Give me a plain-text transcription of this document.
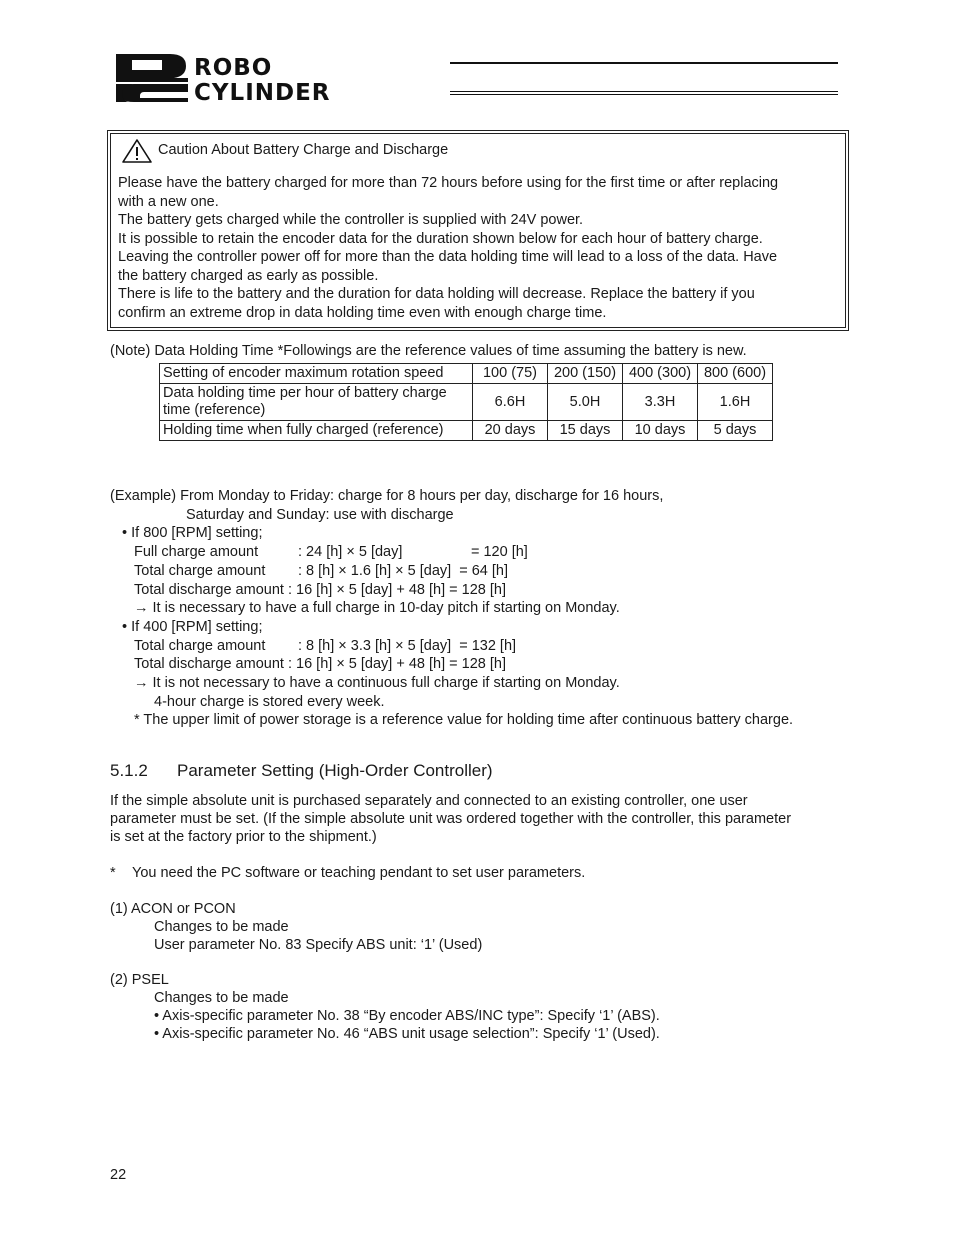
ROBO
CYLINDER
Caution About Battery Charge and Discharge

Please have the battery charged for more than 72 hours before using for the first time or after replacing

with a new one.

The battery gets charged while the controller is supplied with 24V power.

It is possible to retain the encoder data for the duration shown below for each hour of battery charge.

Leaving the controller power off for more than the data holding time will lead to a loss of the data. Have

the battery charged as early as possible.

There is life to the battery and the duration for data holding will decrease. Replace the battery if you

confirm an extreme drop in data holding time even with enough charge time.

(Note) Data Holding Time *Followings are the reference values of time assuming the battery is new.
Setting of encoder maximum rotation speed	100 (75)	200 (150)	400 (300)	800 (600)
Data holding time per hour of battery charge
time (reference)	6.6H	5.0H	3.3H	1.6H
Holding time when fully charged (reference)	20 days	15 days	10 days	5 days
(Example) From Monday to Friday: charge for 8 hours per day, discharge for 16 hours,
Saturday and Sunday: use with discharge
• If 800 [RPM] setting;
Full charge amount	: 24 [h] × 5 [day]	= 120 [h]
Total charge amount : 8 [h] × 1.6 [h] × 5 [day]  = 64 [h]
Total discharge amount : 16 [h] × 5 [day] + 48 [h] = 128 [h]
→ It is necessary to have a full charge in 10-day pitch if starting on Monday.
• If 400 [RPM] setting;
Total charge amount : 8 [h] × 3.3 [h] × 5 [day]  = 132 [h]
Total discharge amount : 16 [h] × 5 [day] + 48 [h] = 128 [h]
→ It is not necessary to have a continuous full charge if starting on Monday.
4-hour charge is stored every week.
* The upper limit of power storage is a reference value for holding time after continuous battery charge.
5.1.2 Parameter Setting (High-Order Controller)
If the simple absolute unit is purchased separately and connected to an existing controller, one user
parameter must be set. (If the simple absolute unit was ordered together with the controller, this parameter
is set at the factory prior to the shipment.)
* You need the PC software or teaching pendant to set user parameters.
(1) ACON or PCON
Changes to be made
User parameter No. 83 Specify ABS unit: ‘1’ (Used)
(2) PSEL
Changes to be made
• Axis-specific parameter No. 38 “By encoder ABS/INC type”: Specify ‘1’ (ABS).
• Axis-specific parameter No. 46 “ABS unit usage selection”: Specify ‘1’ (Used).
22
